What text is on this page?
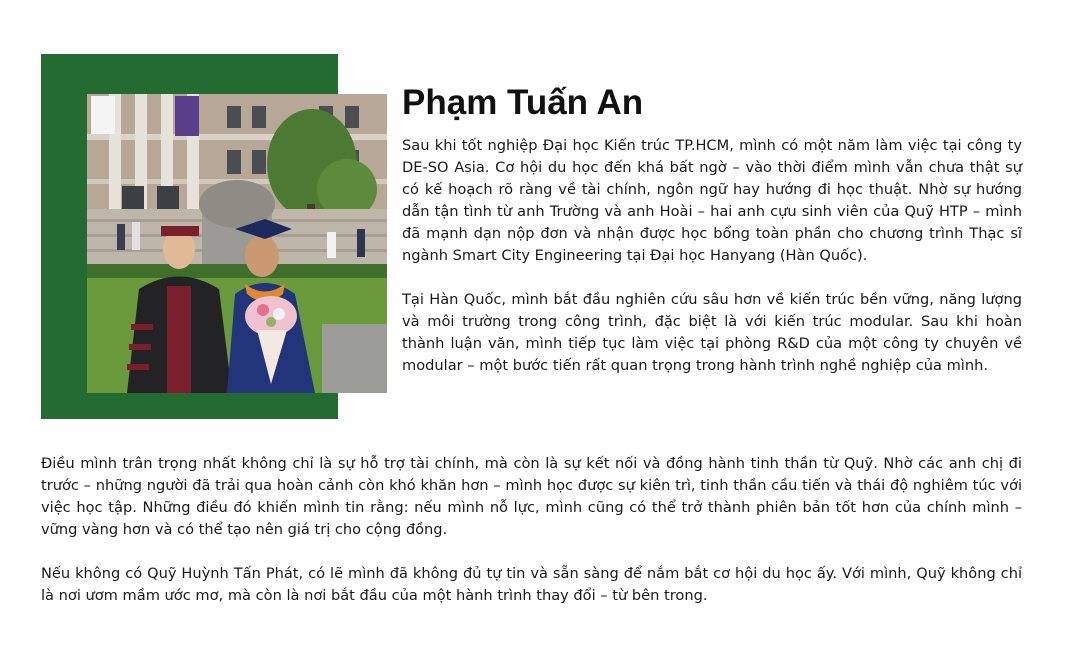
Phạm Tuấn An

Sau khi tốt nghiệp Đại học Kiến trúc TP.HCM, mình có một năm làm việc tại công ty DE-SO Asia. Cơ hội du học đến khá bất ngờ – vào thời điểm mình vẫn chưa thật sự có kế hoạch rõ ràng về tài chính, ngôn ngữ hay hướng đi học thuật. Nhờ sự hướng dẫn tận tình từ anh Trường và anh Hoài – hai anh cựu sinh viên của Quỹ HTP – mình đã mạnh dạn nộp đơn và nhận được học bổng toàn phần cho chương trình Thạc sĩ ngành Smart City Engineering tại Đại học Hanyang (Hàn Quốc).

Tại Hàn Quốc, mình bắt đầu nghiên cứu sâu hơn về kiến trúc bền vững, năng lượng và môi trường trong công trình, đặc biệt là với kiến trúc modular. Sau khi hoàn thành luận văn, mình tiếp tục làm việc tại phòng R&D của một công ty chuyên về modular – một bước tiến rất quan trọng trong hành trình nghề nghiệp của mình.

Điều mình trân trọng nhất không chỉ là sự hỗ trợ tài chính, mà còn là sự kết nối và đồng hành tinh thần từ Quỹ. Nhờ các anh chị đi trước – những người đã trải qua hoàn cảnh còn khó khăn hơn – mình học được sự kiên trì, tinh thần cầu tiến và thái độ nghiêm túc với việc học tập. Những điều đó khiến mình tin rằng: nếu mình nỗ lực, mình cũng có thể trở thành phiên bản tốt hơn của chính mình – vững vàng hơn và có thể tạo nên giá trị cho cộng đồng.

Nếu không có Quỹ Huỳnh Tấn Phát, có lẽ mình đã không đủ tự tin và sẵn sàng để nắm bắt cơ hội du học ấy. Với mình, Quỹ không chỉ là nơi ươm mầm ước mơ, mà còn là nơi bắt đầu của một hành trình thay đổi – từ bên trong.
